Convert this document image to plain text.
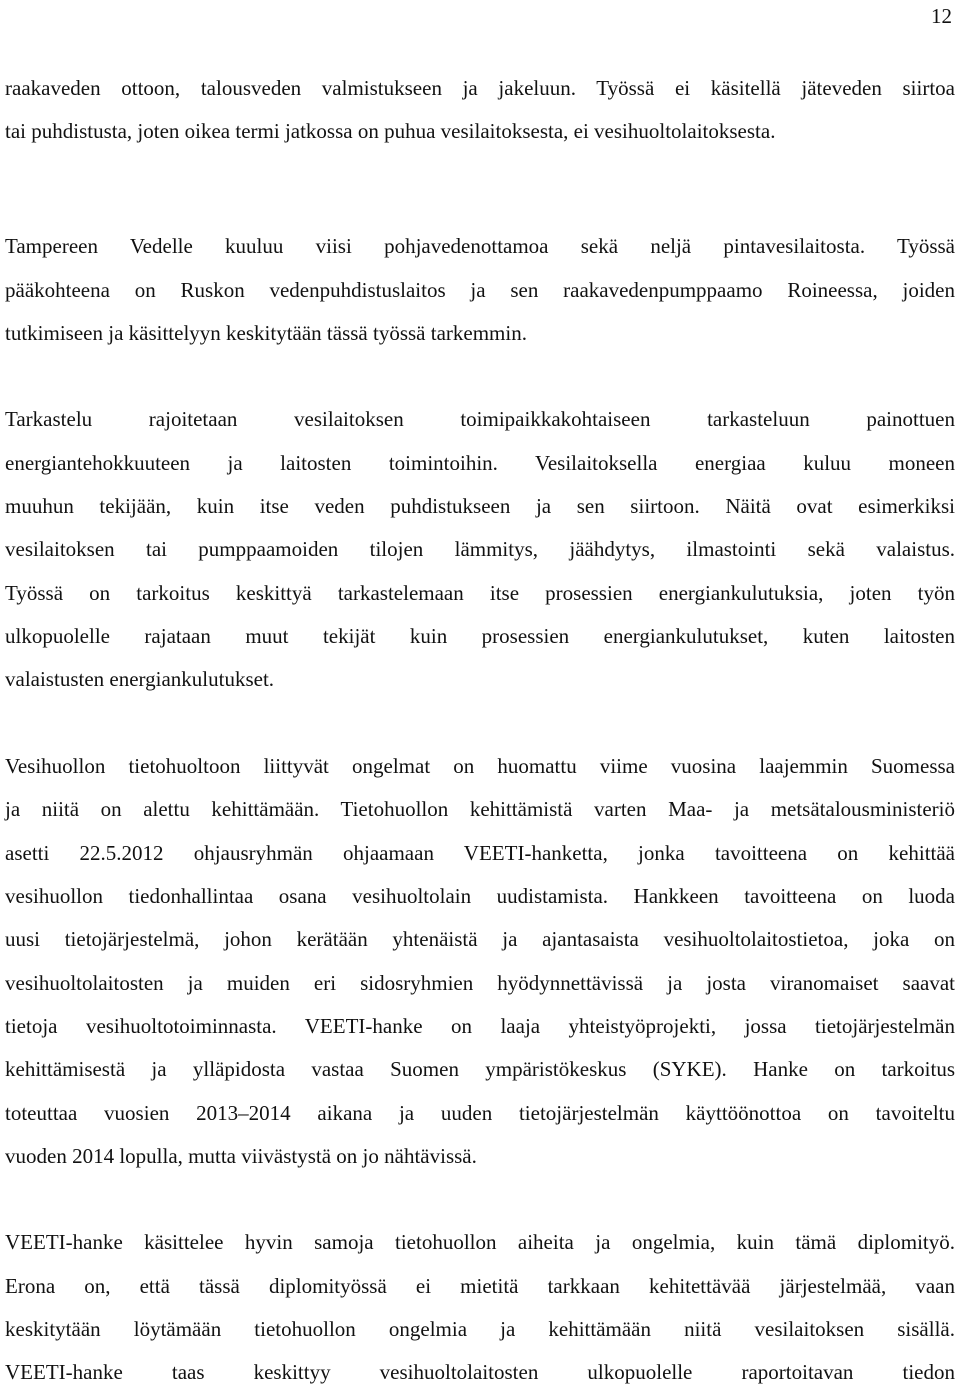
12
raakaveden ottoon, talousveden valmistukseen ja jakeluun. Työssä ei käsitellä jäteveden siirtoa
tai puhdistusta, joten oikea termi jatkossa on puhua vesilaitoksesta, ei vesihuoltolaitoksesta.
Tampereen Vedelle kuuluu viisi pohjavedenottamoa sekä neljä pintavesilaitosta. Työssä
pääkohteena on Ruskon vedenpuhdistuslaitos ja sen raakavedenpumppaamo Roineessa, joiden
tutkimiseen ja käsittelyyn keskitytään tässä työssä tarkemmin.
Tarkastelu rajoitetaan vesilaitoksen toimipaikkakohtaiseen tarkasteluun painottuen
energiantehokkuuteen ja laitosten toimintoihin. Vesilaitoksella energiaa kuluu moneen
muuhun tekijään, kuin itse veden puhdistukseen ja sen siirtoon. Näitä ovat esimerkiksi
vesilaitoksen tai pumppaamoiden tilojen lämmitys, jäähdytys, ilmastointi sekä valaistus.
Työssä on tarkoitus keskittyä tarkastelemaan itse prosessien energiankulutuksia, joten työn
ulkopuolelle rajataan muut tekijät kuin prosessien energiankulutukset, kuten laitosten
valaistusten energiankulutukset.
Vesihuollon tietohuoltoon liittyvät ongelmat on huomattu viime vuosina laajemmin Suomessa
ja niitä on alettu kehittämään. Tietohuollon kehittämistä varten Maa- ja metsätalousministeriö
asetti 22.5.2012 ohjausryhmän ohjaamaan VEETI-hanketta, jonka tavoitteena on kehittää
vesihuollon tiedonhallintaa osana vesihuoltolain uudistamista. Hankkeen tavoitteena on luoda
uusi tietojärjestelmä, johon kerätään yhtenäistä ja ajantasaista vesihuoltolaitostietoa, joka on
vesihuoltolaitosten ja muiden eri sidosryhmien hyödynnettävissä ja josta viranomaiset saavat
tietoja vesihuoltotoiminnasta. VEETI-hanke on laaja yhteistyöprojekti, jossa tietojärjestelmän
kehittämisestä ja ylläpidosta vastaa Suomen ympäristökeskus (SYKE). Hanke on tarkoitus
toteuttaa vuosien 2013–2014 aikana ja uuden tietojärjestelmän käyttöönottoa on tavoiteltu
vuoden 2014 lopulla, mutta viivästystä on jo nähtävissä.
VEETI-hanke käsittelee hyvin samoja tietohuollon aiheita ja ongelmia, kuin tämä diplomityö.
Erona on, että tässä diplomityössä ei mietitä tarkkaan kehitettävää järjestelmää, vaan
keskitytään löytämään tietohuollon ongelmia ja kehittämään niitä vesilaitoksen sisällä.
VEETI-hanke taas keskittyy vesihuoltolaitosten ulkopuolelle raportoitavan tiedon
